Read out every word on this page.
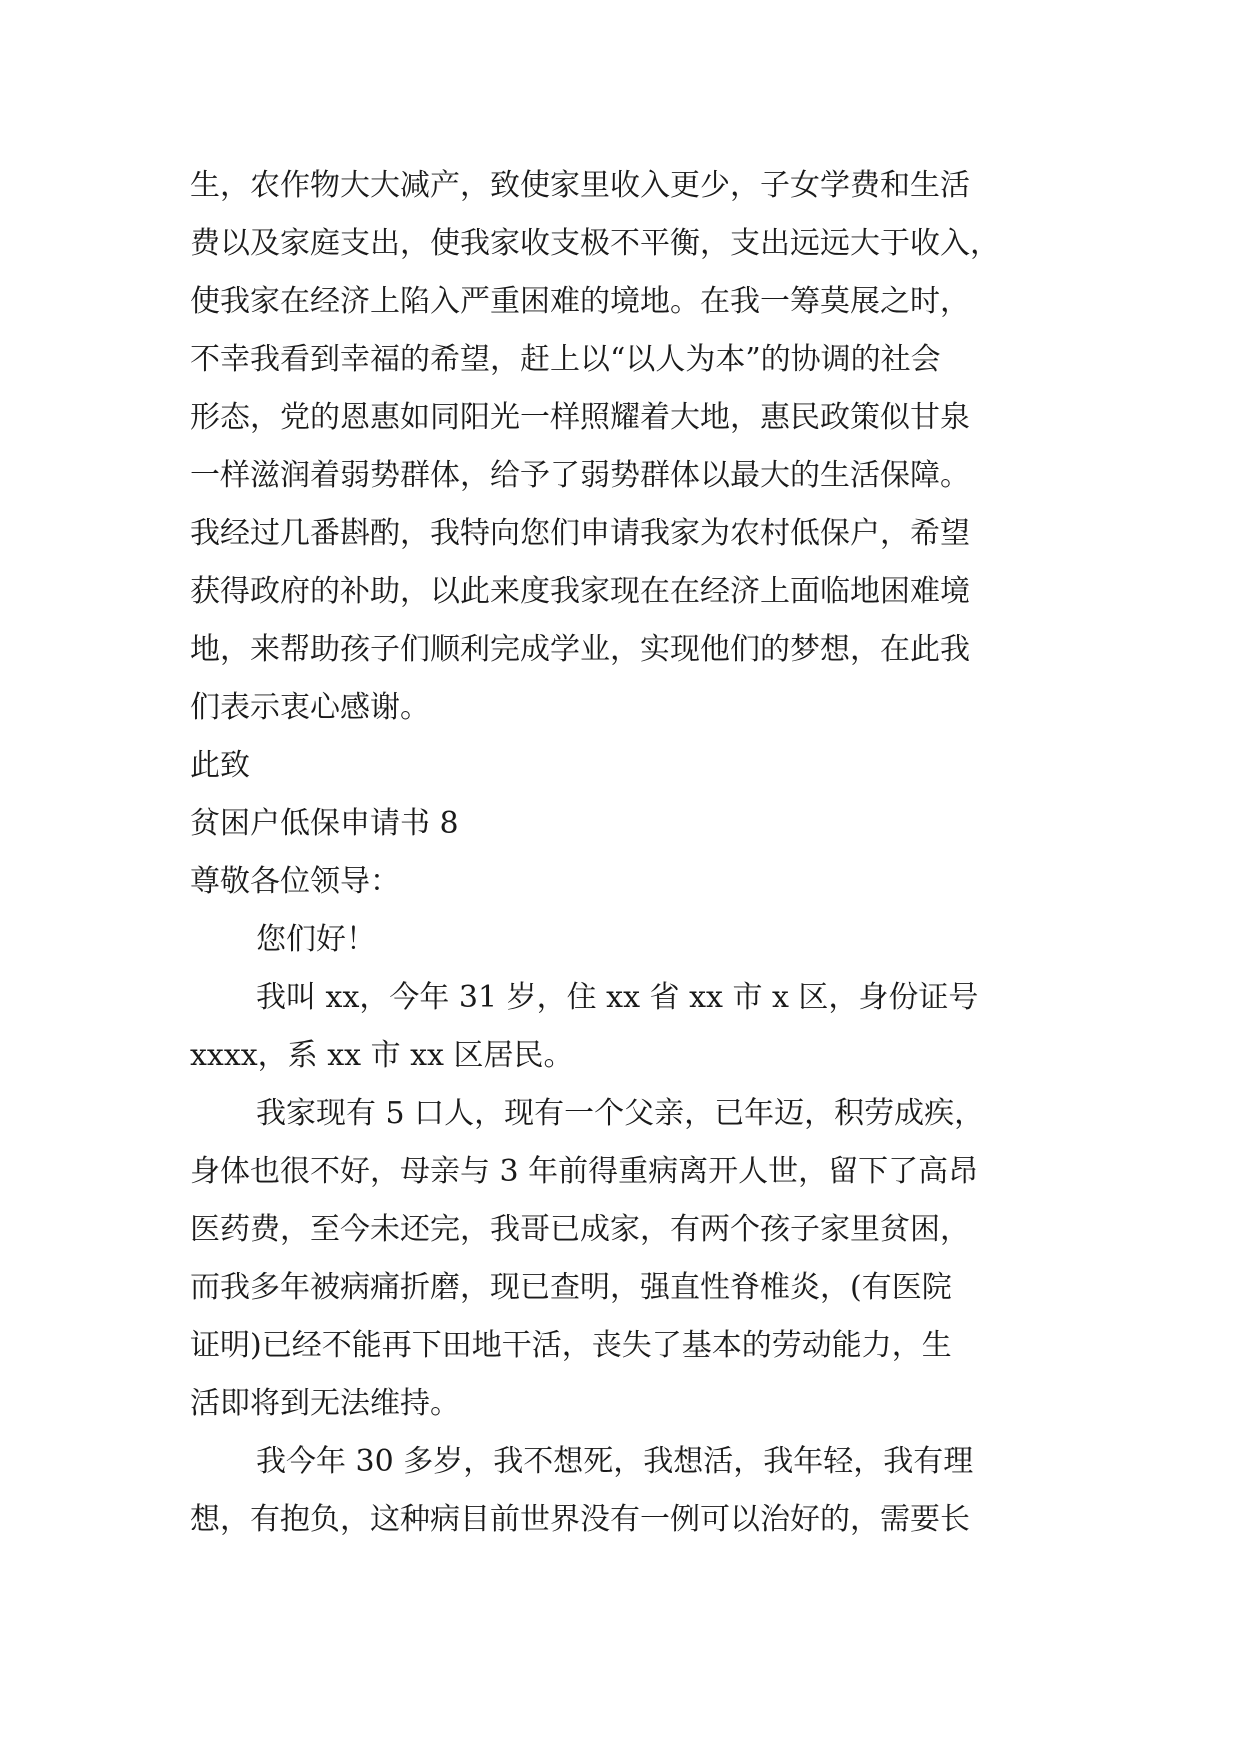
生，农作物大大减产，致使家里收入更少，子女学费和生活
费以及家庭支出，使我家收支极不平衡，支出远远大于收入，
使我家在经济上陷入严重困难的境地。在我一筹莫展之时，
不幸我看到幸福的希望，赶上以“以人为本”的协调的社会
形态，党的恩惠如同阳光一样照耀着大地，惠民政策似甘泉
一样滋润着弱势群体，给予了弱势群体以最大的生活保障。
我经过几番斟酌，我特向您们申请我家为农村低保户，希望
获得政府的补助，以此来度我家现在在经济上面临地困难境
地，来帮助孩子们顺利完成学业，实现他们的梦想，在此我
们表示衷心感谢。
此致
贫困户低保申请书 8
尊敬各位领导：
您们好！
我叫 xx，今年 31 岁，住 xx 省 xx 市 x 区，身份证号
xxxx，系 xx 市 xx 区居民。
我家现有 5 口人，现有一个父亲，已年迈，积劳成疾，
身体也很不好，母亲与 3 年前得重病离开人世，留下了高昂
医药费，至今未还完，我哥已成家，有两个孩子家里贫困，
而我多年被病痛折磨，现已查明，强直性脊椎炎，(有医院
证明)已经不能再下田地干活，丧失了基本的劳动能力，生
活即将到无法维持。
我今年 30 多岁，我不想死，我想活，我年轻，我有理
想，有抱负，这种病目前世界没有一例可以治好的，需要长
